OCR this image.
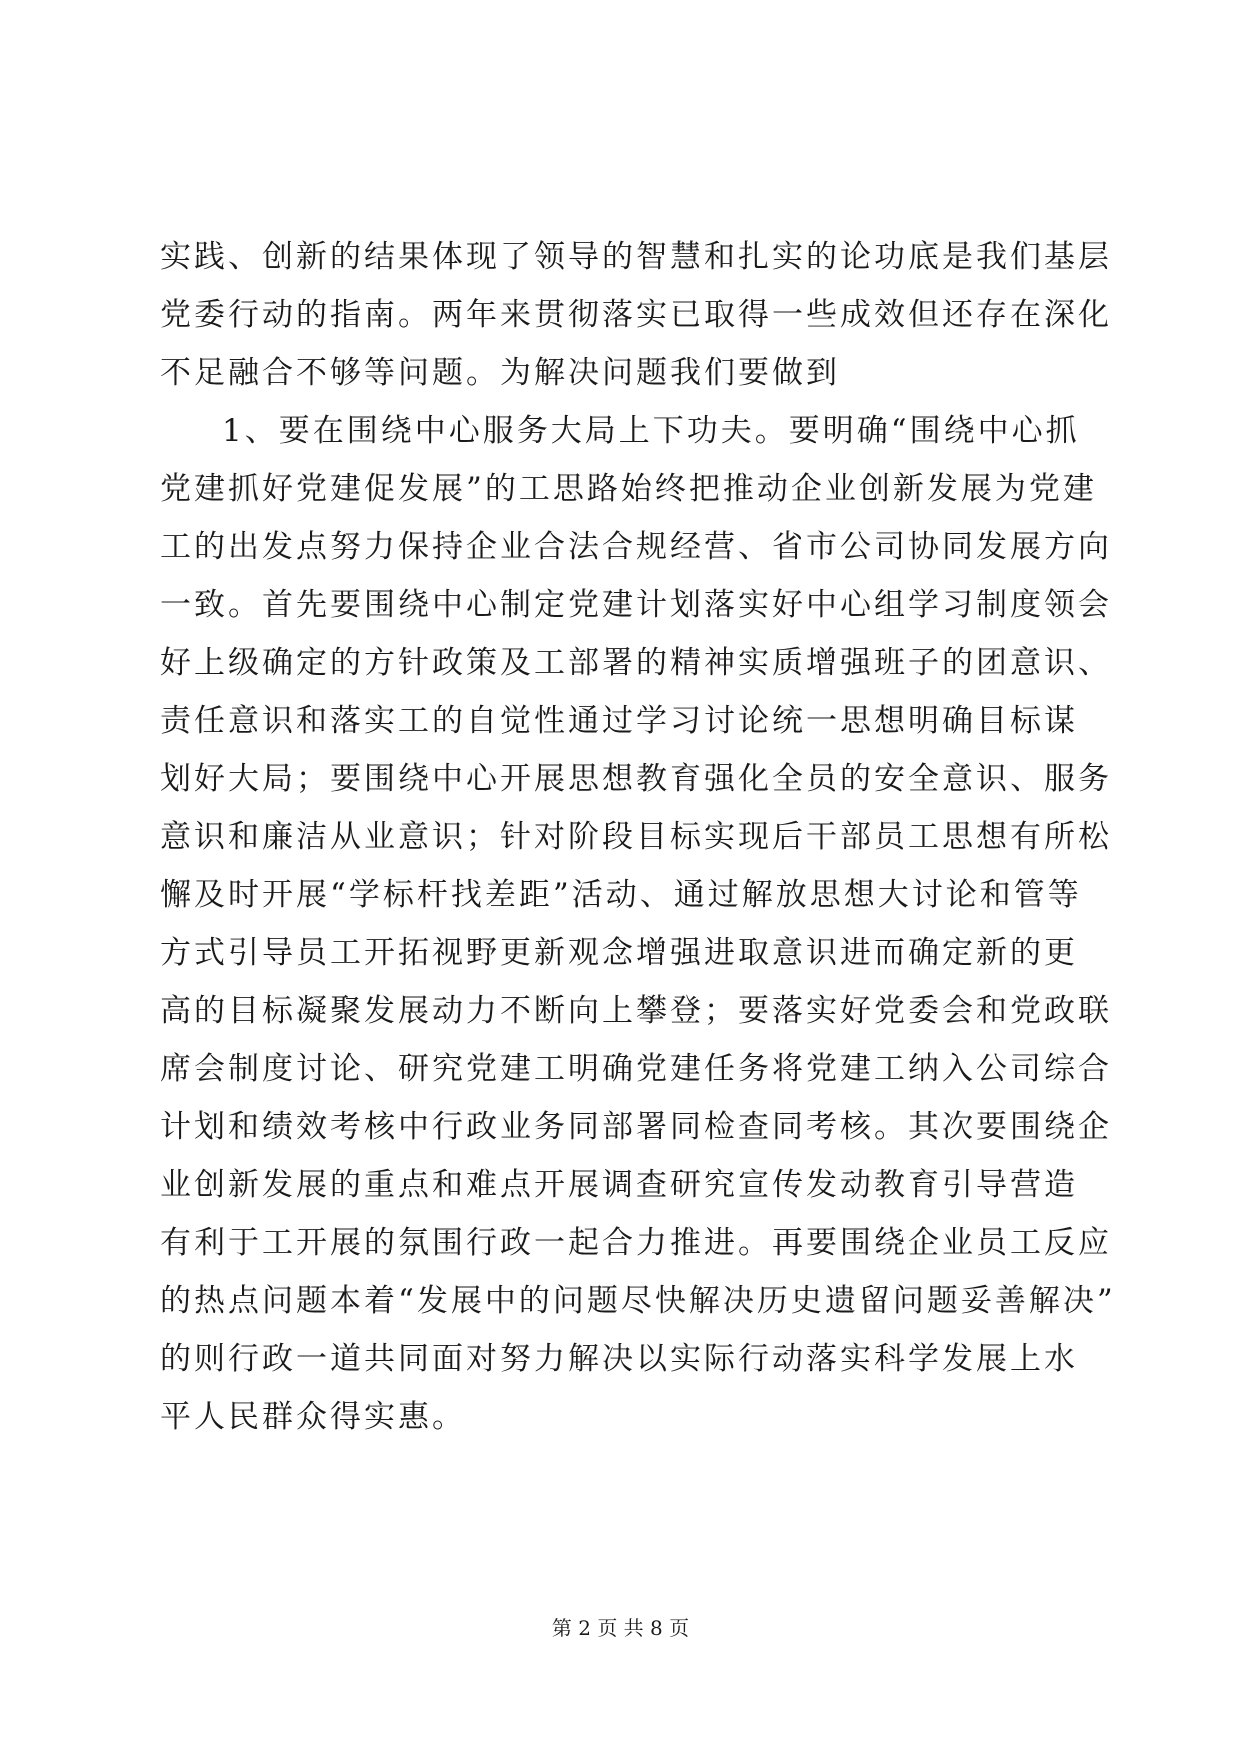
实践、创新的结果体现了领导的智慧和扎实的论功底是我们基层
党委行动的指南。两年来贯彻落实已取得一些成效但还存在深化
不足融合不够等问题。为解决问题我们要做到
1、要在围绕中心服务大局上下功夫。要明确“围绕中心抓
党建抓好党建促发展”的工思路始终把推动企业创新发展为党建
工的出发点努力保持企业合法合规经营、省市公司协同发展方向
一致。首先要围绕中心制定党建计划落实好中心组学习制度领会
好上级确定的方针政策及工部署的精神实质增强班子的团意识、
责任意识和落实工的自觉性通过学习讨论统一思想明确目标谋
划好大局；要围绕中心开展思想教育强化全员的安全意识、服务
意识和廉洁从业意识；针对阶段目标实现后干部员工思想有所松
懈及时开展“学标杆找差距”活动、通过解放思想大讨论和管等
方式引导员工开拓视野更新观念增强进取意识进而确定新的更
高的目标凝聚发展动力不断向上攀登；要落实好党委会和党政联
席会制度讨论、研究党建工明确党建任务将党建工纳入公司综合
计划和绩效考核中行政业务同部署同检查同考核。其次要围绕企
业创新发展的重点和难点开展调查研究宣传发动教育引导营造
有利于工开展的氛围行政一起合力推进。再要围绕企业员工反应
的热点问题本着“发展中的问题尽快解决历史遗留问题妥善解决”
的则行政一道共同面对努力解决以实际行动落实科学发展上水
平人民群众得实惠。
第 2 页 共 8 页
